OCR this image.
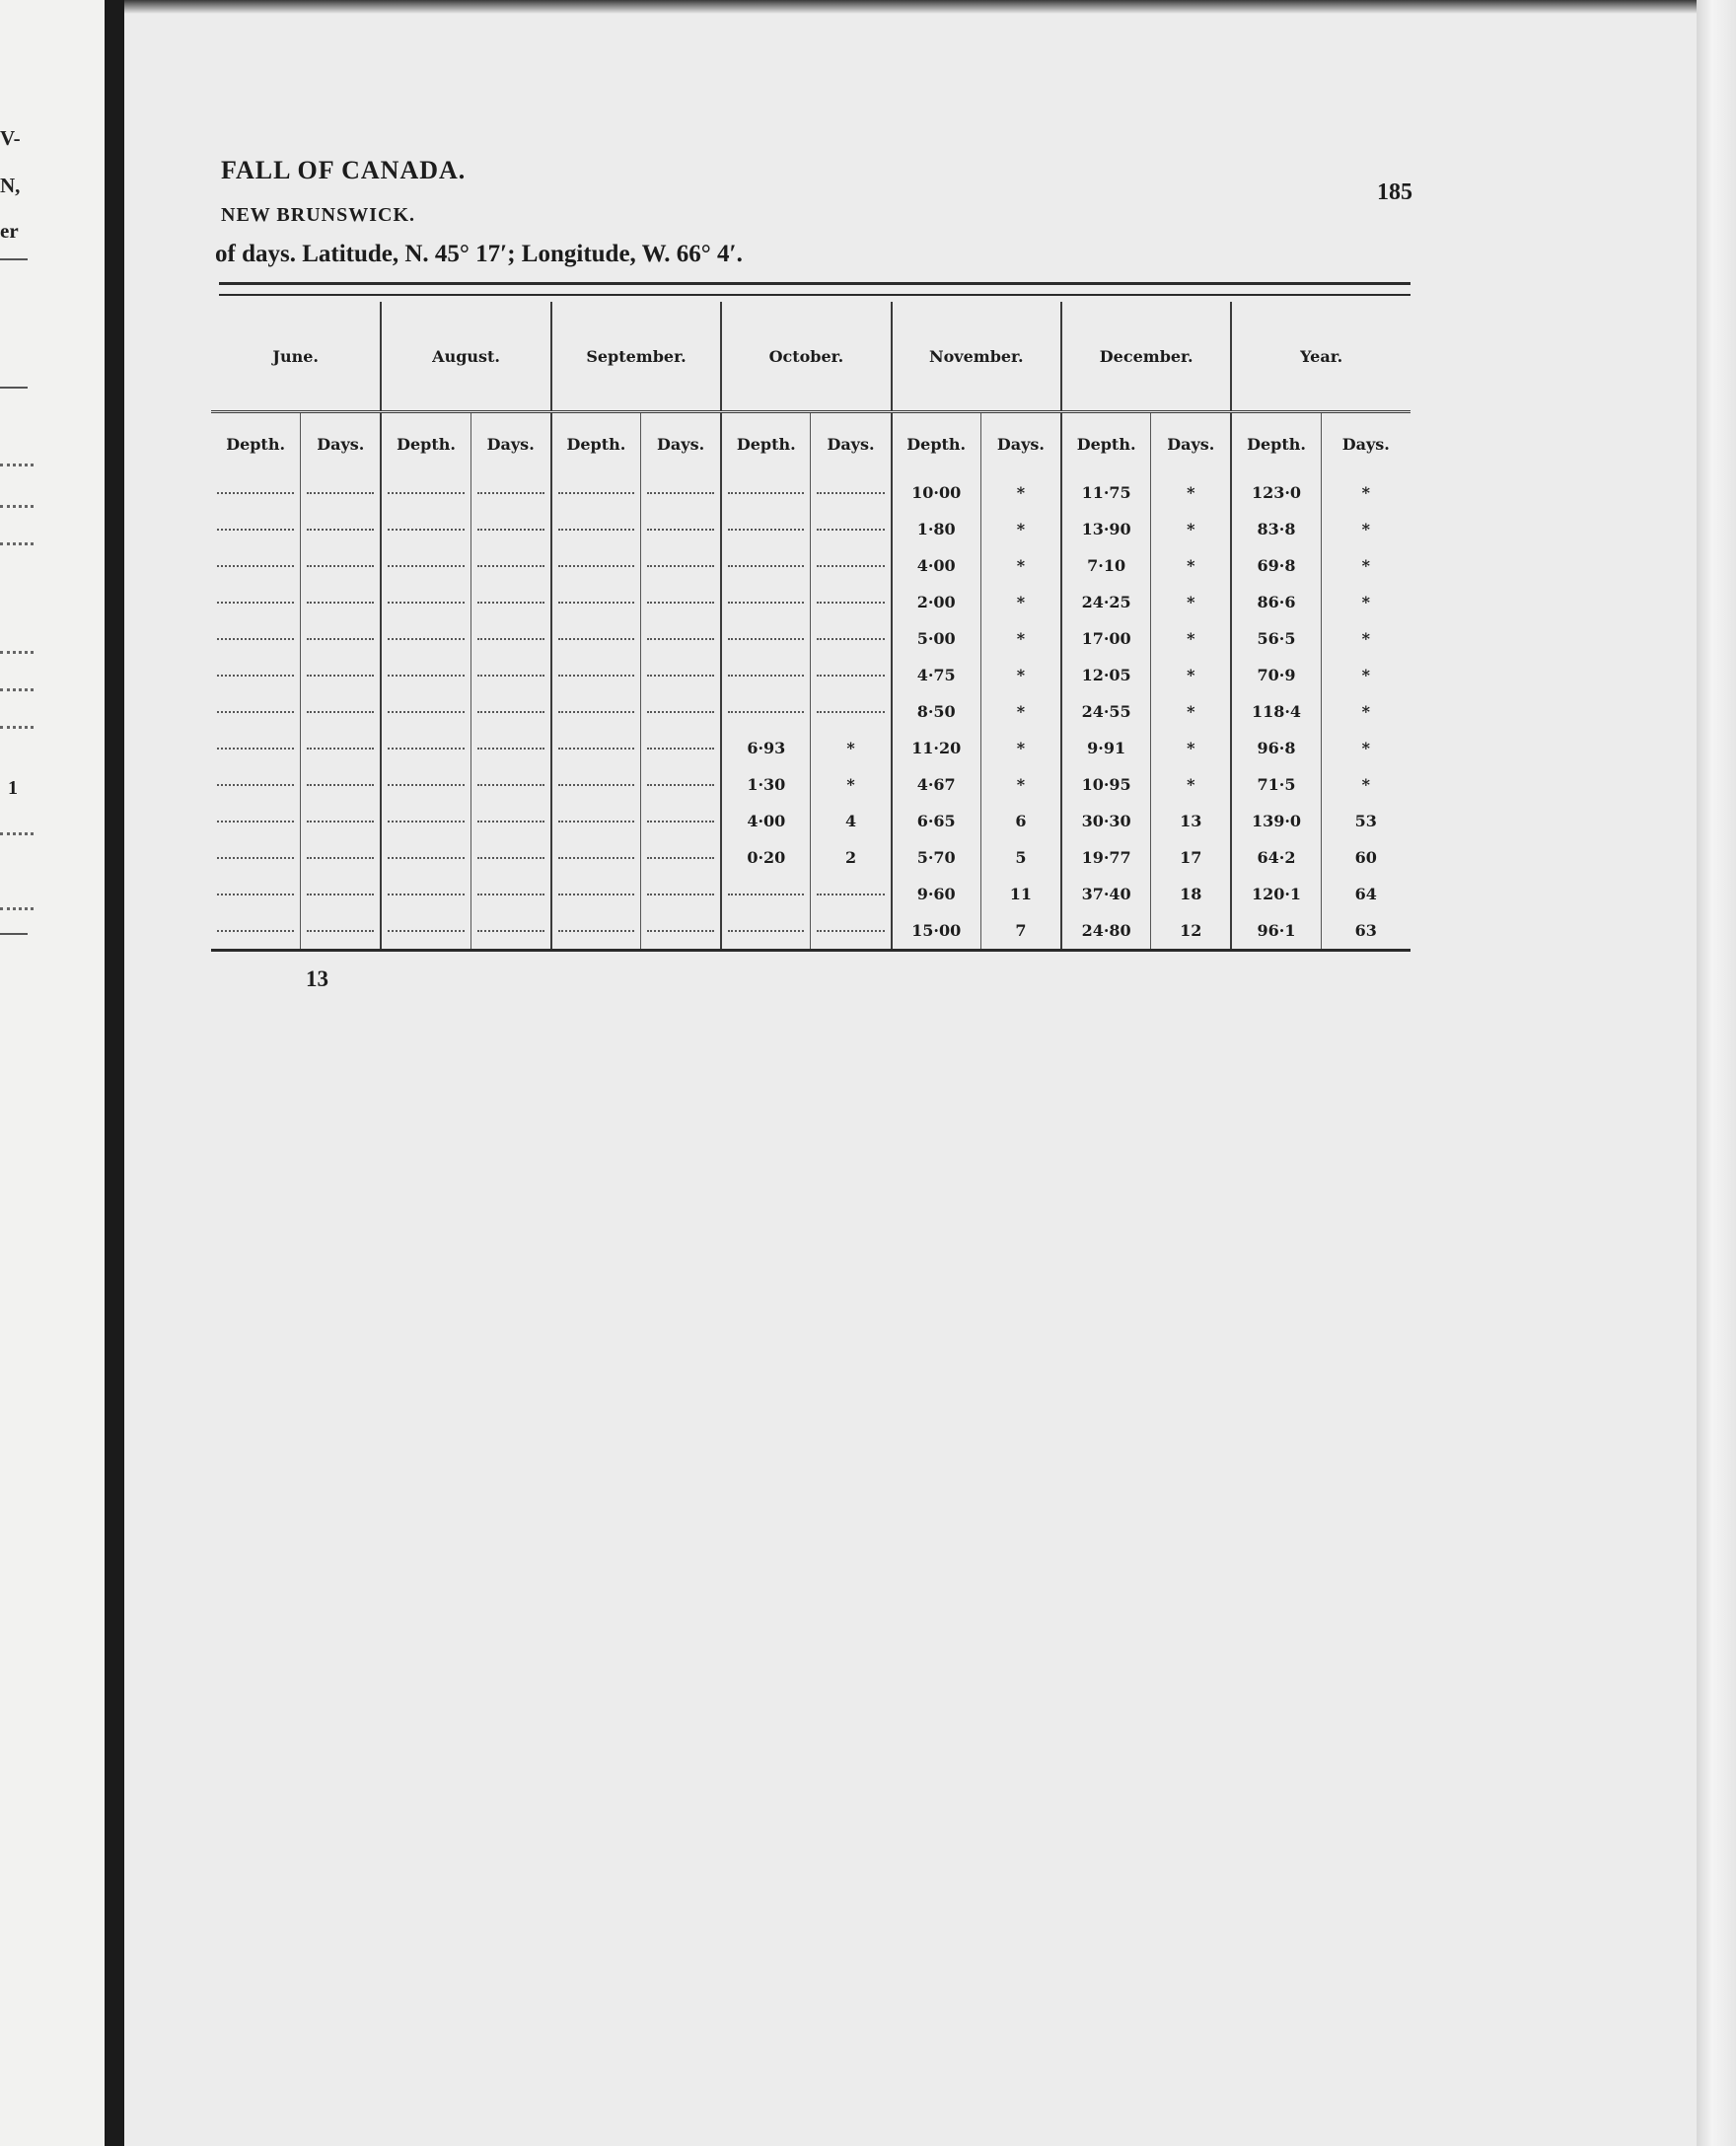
V-
N,
er
1
FALL OF CANADA.
185
NEW BRUNSWICK.
of days. Latitude, N. 45° 17′; Longitude, W. 66° 4′.
June.		August.		September.		October.		November.		December.		Year.	
Depth.	Days.	Depth.	Days.	Depth.	Days.	Depth.	Days.	Depth.	Days.	Depth.	Days.	Depth.	Days.
								10·00	*	11·75	*	123·0	*
								1·80	*	13·90	*	83·8	*
								4·00	*	7·10	*	69·8	*
								2·00	*	24·25	*	86·6	*
								5·00	*	17·00	*	56·5	*
								4·75	*	12·05	*	70·9	*
								8·50	*	24·55	*	118·4	*
						6·93	*	11·20	*	9·91	*	96·8	*
						1·30	*	4·67	*	10·95	*	71·5	*
						4·00	4	6·65	6	30·30	13	139·0	53
						0·20	2	5·70	5	19·77	17	64·2	60
								9·60	11	37·40	18	120·1	64
								15·00	7	24·80	12	96·1	63
13
